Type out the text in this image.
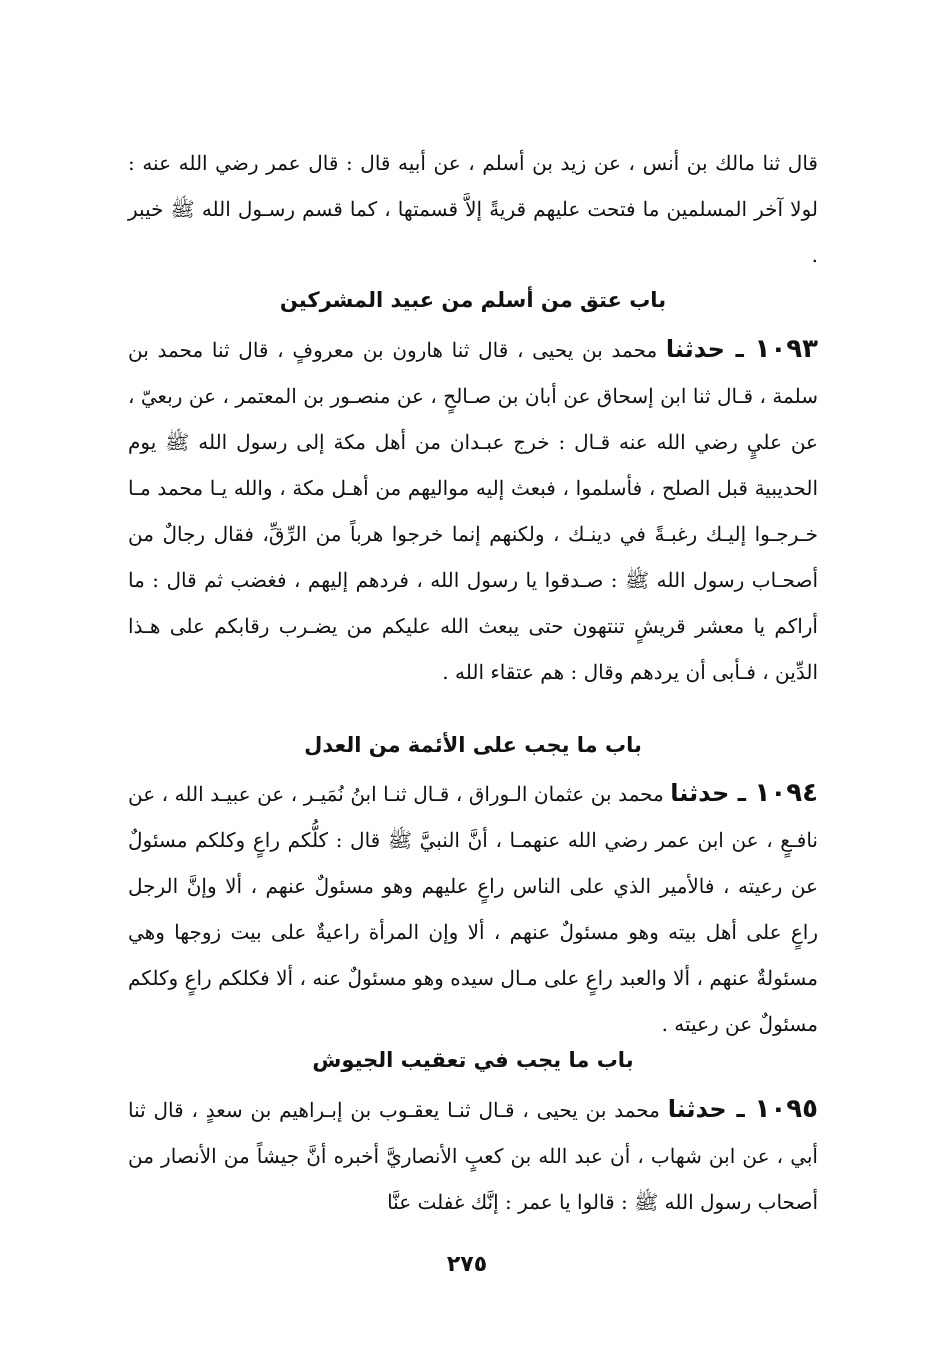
قال ثنا مالك بن أنس ، عن زيد بن أسلم ، عن أبيه قال : قال عمر رضي الله عنه : لولا آخر المسلمين ما فتحت عليهم قريةً إلاَّ قسمتها ، كما قسم رسـول الله ﷺ خيبر .
باب عتق من أسلم من عبيد المشركين
١٠٩٣ ـ حدثنا محمد بن يحيى ، قال ثنا هارون بن معروفٍ ، قال ثنا محمد بن سلمة ، قـال ثنا ابن إسحاق عن أبان بن صـالحٍ ، عن منصـور بن المعتمر ، عن ربعيّ ، عن عليٍ رضي الله عنه قـال : خرج عبـدان من أهل مكة إلى رسول الله ﷺ يوم الحديبية قبل الصلح ، فأسلموا ، فبعث إليه مواليهم من أهـل مكة ، والله يـا محمد مـا خـرجـوا إليـك رغبـةً في دينـك ، ولكنهم إنما خرجوا هرباً من الرِّقِّ، فقال رجالٌ من أصحـاب رسول الله ﷺ : صـدقوا يا رسول الله ، فردهم إليهم ، فغضب ثم قال : ما أراكم يا معشر قريشٍ تنتهون حتى يبعث الله عليكم من يضـرب رقابكم على هـذا الدِّين ، فـأبى أن يردهم وقال : هم عتقاء الله .
باب ما يجب على الأئمة من العدل
١٠٩٤ ـ حدثنا محمد بن عثمان الـوراق ، قـال ثنـا ابنُ نُمَيـر ، عن عبيـد الله ، عن نافـعٍ ، عن ابن عمر رضي الله عنهمـا ، أنَّ النبيَّ ﷺ قال : كلُّكم راعٍ وكلكم مسئولٌ عن رعيته ، فالأمير الذي على الناس راعٍ عليهم وهو مسئولٌ عنهم ، ألا وإنَّ الرجل راعٍ على أهل بيته وهو مسئولٌ عنهم ، ألا وإن المرأة راعيةٌ على بيت زوجها وهي مسئولةٌ عنهم ، ألا والعبد راعٍ على مـال سيده وهو مسئولٌ عنه ، ألا فكلكم راعٍ وكلكم مسئولٌ عن رعيته .
باب ما يجب في تعقيب الجيوش
١٠٩٥ ـ حدثنا محمد بن يحيى ، قـال ثنـا يعقـوب بن إبـراهيم بن سعدٍ ، قال ثنا أبي ، عن ابن شهاب ، أن عبد الله بن كعبٍ الأنصاريَّ أخبره أنَّ جيشاً من الأنصار من أصحاب رسول الله ﷺ : قالوا يا عمر : إنَّك غفلت عنَّا
٢٧٥
